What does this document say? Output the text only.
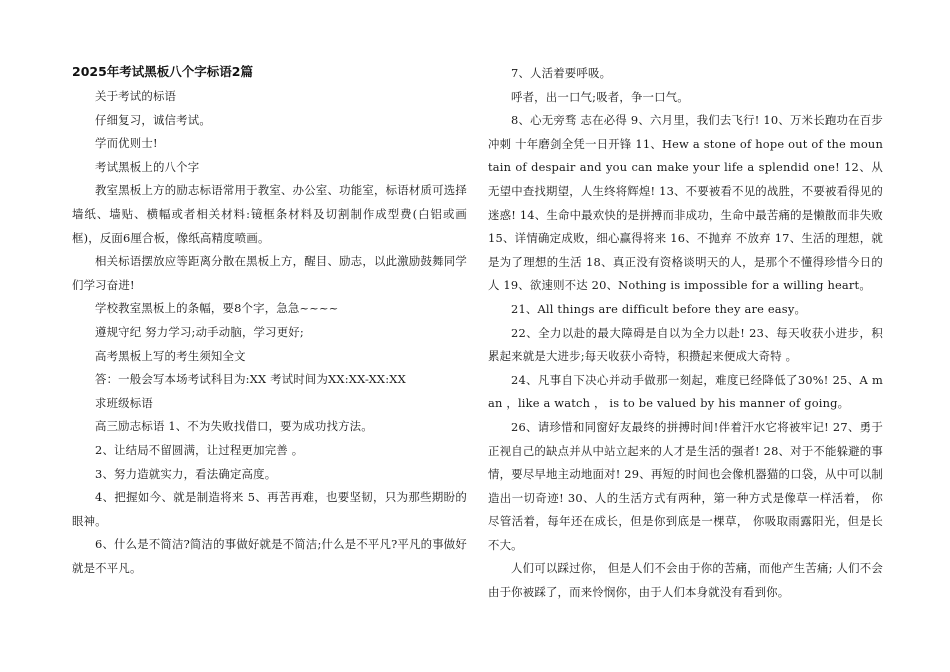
2025年考试黑板八个字标语2篇

关于考试的标语

仔细复习，诚信考试。

学而优则士!

考试黑板上的八个字

教室黑板上方的励志标语常用于教室、办公室、功能室，标语材质可选择墙纸、墙贴、横幅或者相关材料:镜框条材料及切割制作成型费(白铝或画框)，反面6厘合板，像纸高精度喷画。

相关标语摆放应等距离分散在黑板上方，醒目、励志，以此激励鼓舞同学们学习奋进!

学校教室黑板上的条幅，要8个字，急急~~~~

遵规守纪 努力学习;动手动脑，学习更好;

高考黑板上写的考生须知全文

答：一般会写本场考试科目为:XX 考试时间为XX:XX-XX:XX

求班级标语

高三励志标语 1、不为失败找借口，要为成功找方法。

2、让结局不留圆满，让过程更加完善 。

3、努力造就实力，看法确定高度。

4、把握如今、就是制造将来 5、再苦再难，也要坚韧，只为那些期盼的眼神。

6、什么是不简洁?简洁的事做好就是不简洁;什么是不平凡?平凡的事做好就是不平凡。

7、人活着要呼吸。

呼者，出一口气;吸者，争一口气。

8、心无旁骛 志在必得 9、六月里，我们去飞行! 10、万米长跑功在百步冲刺 十年磨剑全凭一日开锋 11、Hew a stone of hope out of the mountain of despair and you can make your life a splendid one! 12、从无望中查找期望，人生终将辉煌! 13、不要被看不见的战胜，不要被看得见的迷惑! 14、生命中最欢快的是拼搏而非成功，生命中最苦痛的是懒散而非失败 15、详情确定成败，细心赢得将来 16、不抛弃 不放弃 17、生活的理想，就是为了理想的生活 18、真正没有资格谈明天的人，是那个不懂得珍惜今日的人 19、欲速则不达 20、Nothing is impossible for a willing heart。

21、All things are difficult before they are easy。

22、全力以赴的最大障碍是自以为全力以赴! 23、每天收获小进步，积累起来就是大进步;每天收获小奇特，积攒起来便成大奇特 。

24、凡事自下决心并动手做那一刻起，难度已经降低了30%! 25、A man ，like a watch ， is to be valued by his manner of going。

26、请珍惜和同窗好友最终的拼搏时间!伴着汗水它将被牢记! 27、勇于正视自己的缺点并从中站立起来的人才是生活的强者! 28、对于不能躲避的事情，要尽早地主动地面对! 29、再短的时间也会像机器猫的口袋，从中可以制造出一切奇迹! 30、人的生活方式有两种，第一种方式是像草一样活着， 你尽管活着，每年还在成长，但是你到底是一棵草， 你吸取雨露阳光，但是长不大。

人们可以踩过你， 但是人们不会由于你的苦痛，而他产生苦痛; 人们不会由于你被踩了，而来怜悯你，由于人们本身就没有看到你。
